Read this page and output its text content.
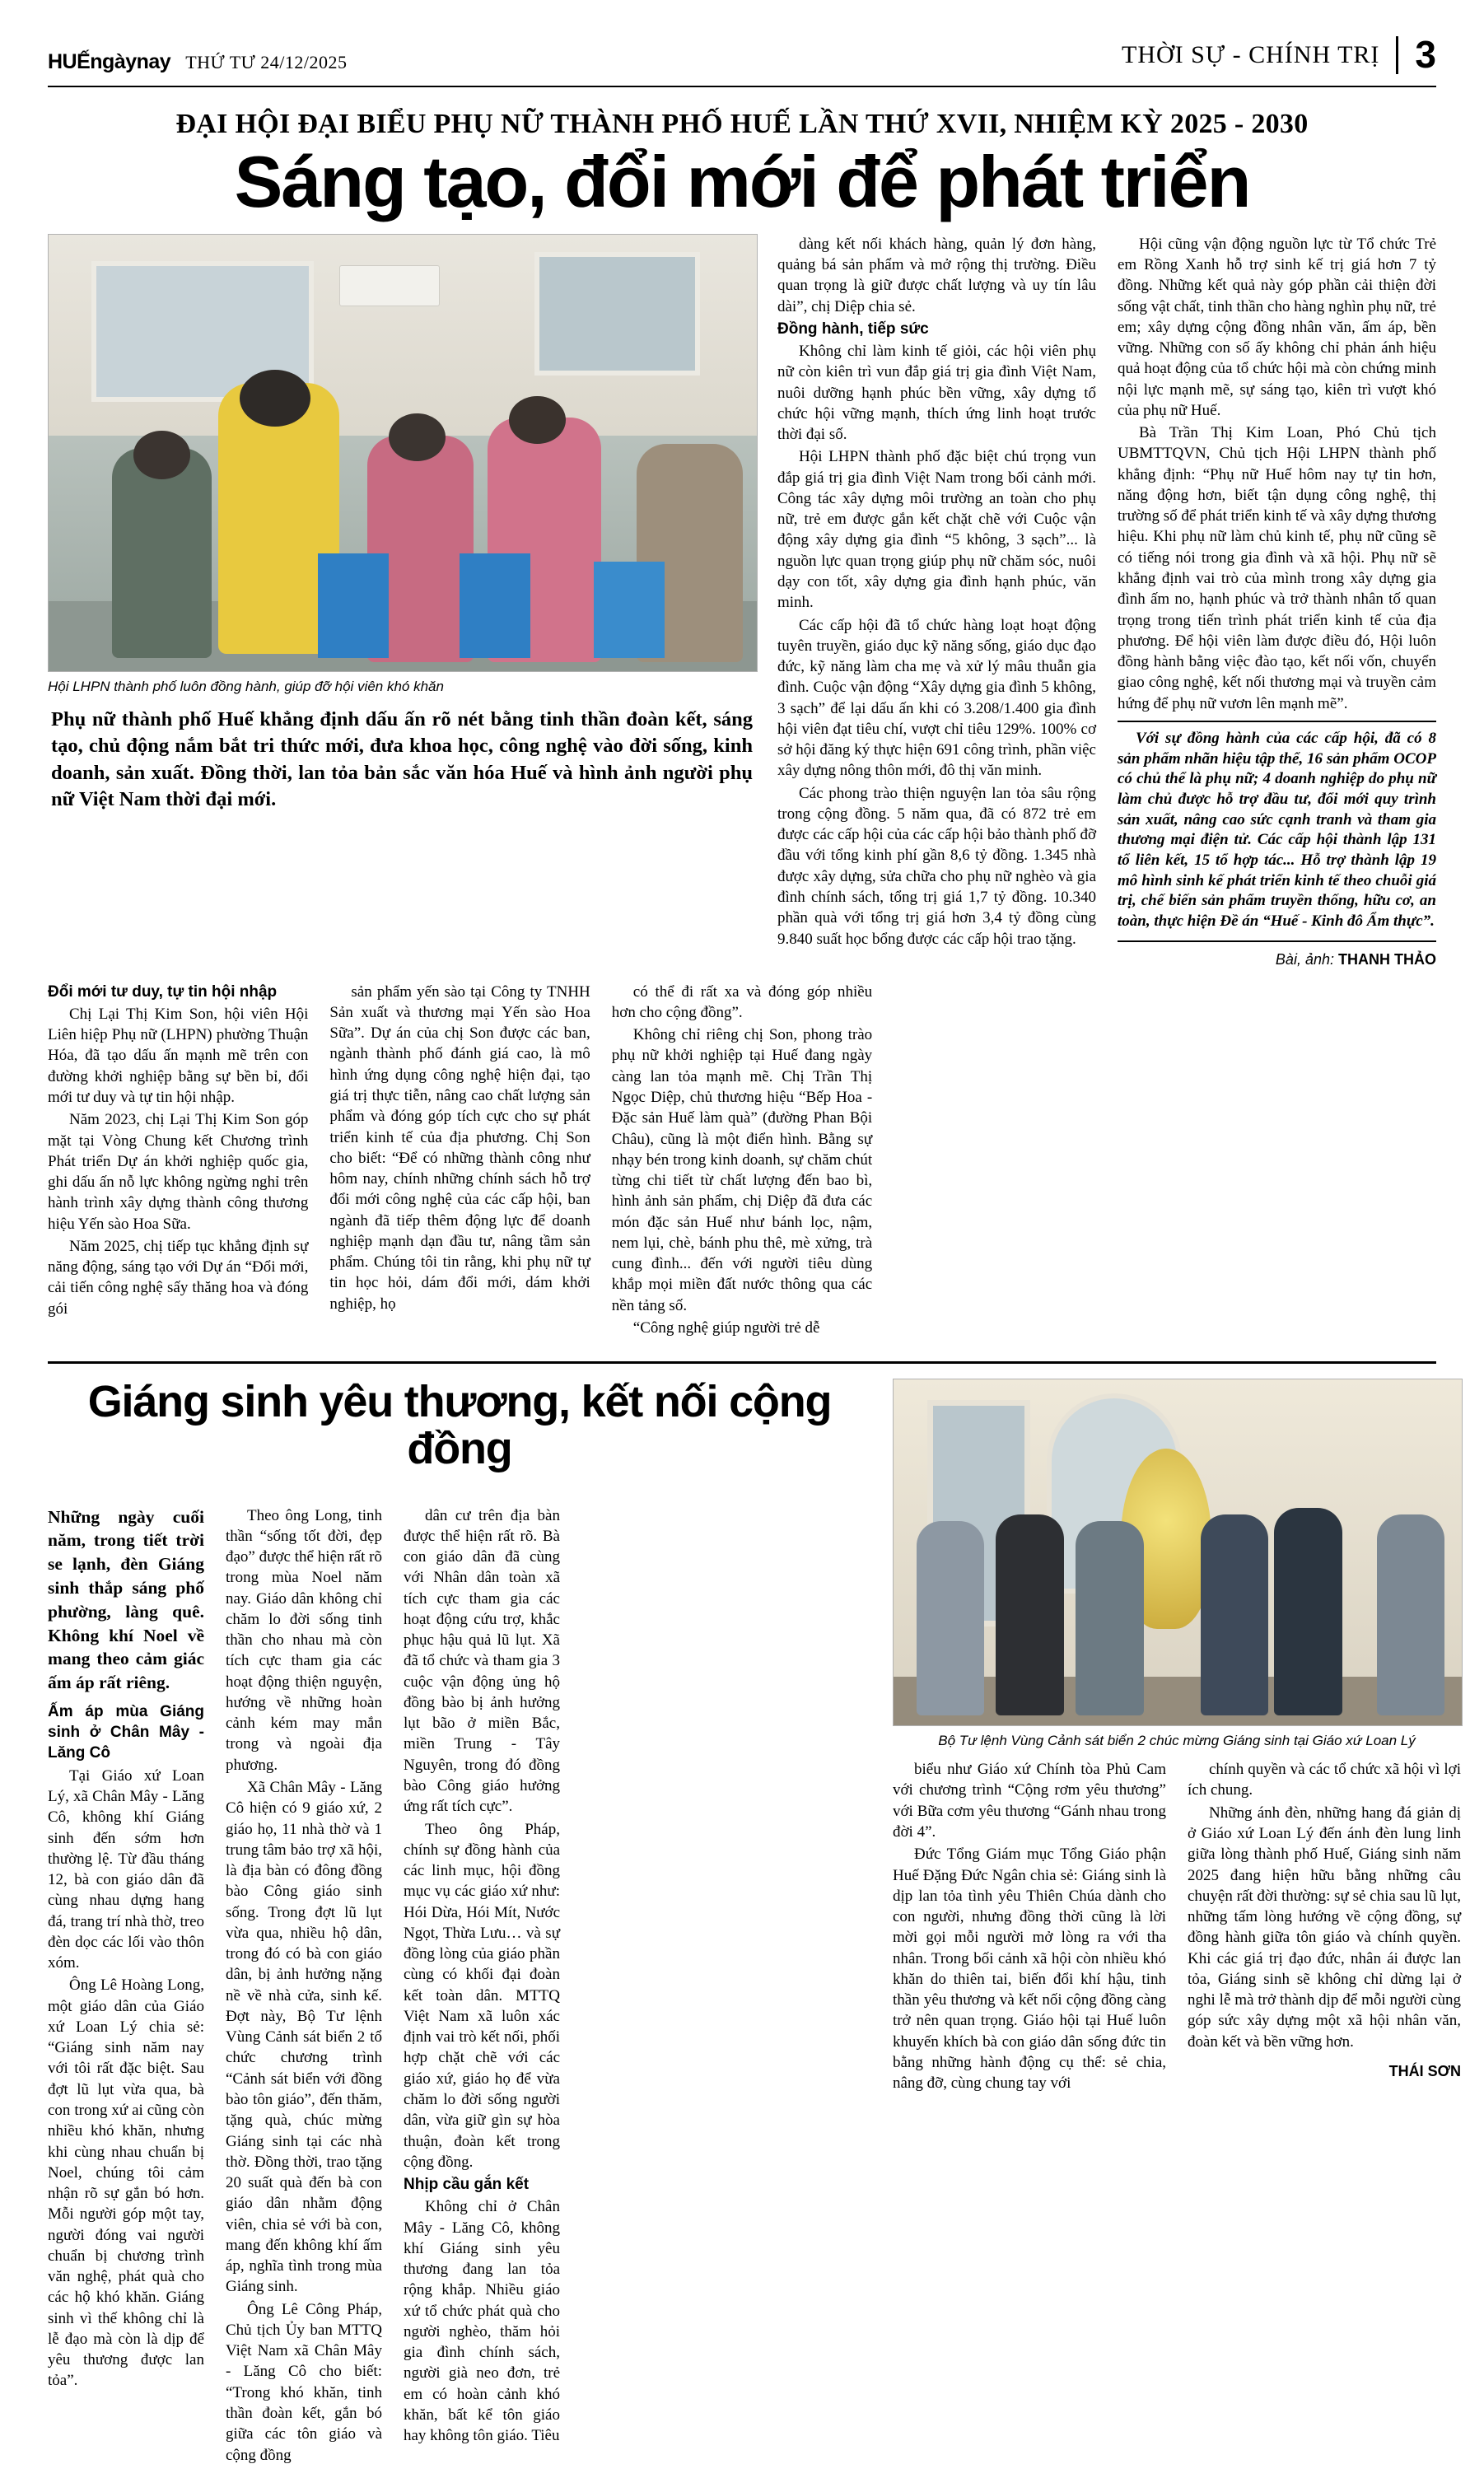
HUẾngàynay THỨ TƯ 24/12/2025	THỜI SỰ - CHÍNH TRỊ 3
ĐẠI HỘI ĐẠI BIỂU PHỤ NỮ THÀNH PHỐ HUẾ LẦN THỨ XVII, NHIỆM KỲ 2025 - 2030
Sáng tạo, đổi mới để phát triển
Hội LHPN thành phố luôn đồng hành, giúp đỡ hội viên khó khăn
Phụ nữ thành phố Huế khẳng định dấu ấn rõ nét bằng tinh thần đoàn kết, sáng tạo, chủ động nắm bắt tri thức mới, đưa khoa học, công nghệ vào đời sống, kinh doanh, sản xuất. Đồng thời, lan tỏa bản sắc văn hóa Huế và hình ảnh người phụ nữ Việt Nam thời đại mới.

dàng kết nối khách hàng, quản lý đơn hàng, quảng bá sản phẩm và mở rộng thị trường. Điều quan trọng là giữ được chất lượng và uy tín lâu dài”, chị Diệp chia sẻ.

Đồng hành, tiếp sức

Không chỉ làm kinh tế giỏi, các hội viên phụ nữ còn kiên trì vun đắp giá trị gia đình Việt Nam, nuôi dưỡng hạnh phúc bền vững, xây dựng tổ chức hội vững mạnh, thích ứng linh hoạt trước thời đại số.

Hội LHPN thành phố đặc biệt chú trọng vun đắp giá trị gia đình Việt Nam trong bối cảnh mới. Công tác xây dựng môi trường an toàn cho phụ nữ, trẻ em được gắn kết chặt chẽ với Cuộc vận động xây dựng gia đình “5 không, 3 sạch”... là nguồn lực quan trọng giúp phụ nữ chăm sóc, nuôi dạy con tốt, xây dựng gia đình hạnh phúc, văn minh.

Các cấp hội đã tổ chức hàng loạt hoạt động tuyên truyền, giáo dục kỹ năng sống, giáo dục đạo đức, kỹ năng làm cha mẹ và xử lý mâu thuẫn gia đình. Cuộc vận động “Xây dựng gia đình 5 không, 3 sạch” để lại dấu ấn khi có 3.208/1.400 gia đình hội viên đạt tiêu chí, vượt chỉ tiêu 129%. 100% cơ sở hội đăng ký thực hiện 691 công trình, phần việc xây dựng nông thôn mới, đô thị văn minh.

Các phong trào thiện nguyện lan tỏa sâu rộng trong cộng đồng. 5 năm qua, đã có 872 trẻ em được các cấp hội của các cấp hội bảo thành phố đỡ đầu với tổng kinh phí gần 8,6 tỷ đồng. 1.345 nhà được xây dựng, sửa chữa cho phụ nữ nghèo và gia đình chính sách, tổng trị giá 1,7 tỷ đồng. 10.340 phần quà với tổng trị giá hơn 3,4 tỷ đồng cùng 9.840 suất học bổng được các cấp hội trao tặng.

Hội cũng vận động nguồn lực từ Tổ chức Trẻ em Rồng Xanh hỗ trợ sinh kế trị giá hơn 7 tỷ đồng. Những kết quả này góp phần cải thiện đời sống vật chất, tinh thần cho hàng nghìn phụ nữ, trẻ em; xây dựng cộng đồng nhân văn, ấm áp, bền vững. Những con số ấy không chỉ phản ánh hiệu quả hoạt động của tổ chức hội mà còn chứng minh nội lực mạnh mẽ, sự sáng tạo, kiên trì vượt khó của phụ nữ Huế.

Bà Trần Thị Kim Loan, Phó Chủ tịch UBMTTQVN, Chủ tịch Hội LHPN thành phố khẳng định: “Phụ nữ Huế hôm nay tự tin hơn, năng động hơn, biết tận dụng công nghệ, thị trường số để phát triển kinh tế và xây dựng thương hiệu. Khi phụ nữ làm chủ kinh tế, phụ nữ cũng sẽ có tiếng nói trong gia đình và xã hội. Phụ nữ sẽ khẳng định vai trò của mình trong xây dựng gia đình ấm no, hạnh phúc và trở thành nhân tố quan trọng trong tiến trình phát triển kinh tế của địa phương. Để hội viên làm được điều đó, Hội luôn đồng hành bằng việc đào tạo, kết nối vốn, chuyển giao công nghệ, kết nối thương mại và truyền cảm hứng để phụ nữ vươn lên mạnh mẽ”.

Với sự đồng hành của các cấp hội, đã có 8 sản phẩm nhãn hiệu tập thể, 16 sản phẩm OCOP có chủ thể là phụ nữ; 4 doanh nghiệp do phụ nữ làm chủ được hỗ trợ đầu tư, đổi mới quy trình sản xuất, nâng cao sức cạnh tranh và tham gia thương mại điện tử. Các cấp hội thành lập 131 tổ liên kết, 15 tổ hợp tác... Hỗ trợ thành lập 19 mô hình sinh kế phát triển kinh tế theo chuỗi giá trị, chế biến sản phẩm truyền thống, hữu cơ, an toàn, thực hiện Đề án “Huế - Kinh đô Ẩm thực”.

Bài, ảnh: THANH THẢO

Đổi mới tư duy, tự tin hội nhập

Chị Lại Thị Kim Son, hội viên Hội Liên hiệp Phụ nữ (LHPN) phường Thuận Hóa, đã tạo dấu ấn mạnh mẽ trên con đường khởi nghiệp bằng sự bền bỉ, đổi mới tư duy và tự tin hội nhập.

Năm 2023, chị Lại Thị Kim Son góp mặt tại Vòng Chung kết Chương trình Phát triển Dự án khởi nghiệp quốc gia, ghi dấu ấn nỗ lực không ngừng nghỉ trên hành trình xây dựng thành công thương hiệu Yến sào Hoa Sữa.

Năm 2025, chị tiếp tục khẳng định sự năng động, sáng tạo với Dự án “Đổi mới, cải tiến công nghệ sấy thăng hoa và đóng gói

sản phẩm yến sào tại Công ty TNHH Sản xuất và thương mại Yến sào Hoa Sữa”. Dự án của chị Son được các ban, ngành thành phố đánh giá cao, là mô hình ứng dụng công nghệ hiện đại, tạo giá trị thực tiễn, nâng cao chất lượng sản phẩm và đóng góp tích cực cho sự phát triển kinh tế của địa phương. Chị Son cho biết: “Để có những thành công như hôm nay, chính những chính sách hỗ trợ đổi mới công nghệ của các cấp hội, ban ngành đã tiếp thêm động lực để doanh nghiệp mạnh dạn đầu tư, nâng tầm sản phẩm. Chúng tôi tin rằng, khi phụ nữ tự tin học hỏi, dám đổi mới, dám khởi nghiệp, họ

có thể đi rất xa và đóng góp nhiều hơn cho cộng đồng”.

Không chỉ riêng chị Son, phong trào phụ nữ khởi nghiệp tại Huế đang ngày càng lan tỏa mạnh mẽ. Chị Trần Thị Ngọc Diệp, chủ thương hiệu “Bếp Hoa - Đặc sản Huế làm quà” (đường Phan Bội Châu), cũng là một điển hình. Bằng sự nhạy bén trong kinh doanh, sự chăm chút từng chi tiết từ chất lượng đến bao bì, hình ảnh sản phẩm, chị Diệp đã đưa các món đặc sản Huế như bánh lọc, nậm, nem lụi, chè, bánh phu thê, mè xửng, trà cung đình... đến với người tiêu dùng khắp mọi miền đất nước thông qua các nền tảng số.

“Công nghệ giúp người trẻ dễ

Giáng sinh yêu thương, kết nối cộng đồng
Những ngày cuối năm, trong tiết trời se lạnh, đèn Giáng sinh thắp sáng phố phường, làng quê. Không khí Noel về mang theo cảm giác ấm áp rất riêng.

Ấm áp mùa Giáng sinh ở Chân Mây - Lăng Cô

Tại Giáo xứ Loan Lý, xã Chân Mây - Lăng Cô, không khí Giáng sinh đến sớm hơn thường lệ. Từ đầu tháng 12, bà con giáo dân đã cùng nhau dựng hang đá, trang trí nhà thờ, treo đèn dọc các lối vào thôn xóm.

Ông Lê Hoàng Long, một giáo dân của Giáo xứ Loan Lý chia sẻ: “Giáng sinh năm nay với tôi rất đặc biệt. Sau đợt lũ lụt vừa qua, bà con trong xứ ai cũng còn nhiều khó khăn, nhưng khi cùng nhau chuẩn bị Noel, chúng tôi cảm nhận rõ sự gắn bó hơn. Mỗi người góp một tay, người đóng vai người chuẩn bị chương trình văn nghệ, phát quà cho các hộ khó khăn. Giáng sinh vì thế không chỉ là lễ đạo mà còn là dịp để yêu thương được lan tỏa”.

Theo ông Long, tinh thần “sống tốt đời, đẹp đạo” được thể hiện rất rõ trong mùa Noel năm nay. Giáo dân không chỉ chăm lo đời sống tinh thần cho nhau mà còn tích cực tham gia các hoạt động thiện nguyện, hướng về những hoàn cảnh kém may mắn trong và ngoài địa phương.

Xã Chân Mây - Lăng Cô hiện có 9 giáo xứ, 2 giáo họ, 11 nhà thờ và 1 trung tâm bảo trợ xã hội, là địa bàn có đông đồng bào Công giáo sinh sống. Trong đợt lũ lụt vừa qua, nhiều hộ dân, trong đó có bà con giáo dân, bị ảnh hưởng nặng nề về nhà cửa, sinh kế. Đợt này, Bộ Tư lệnh Vùng Cảnh sát biển 2 tổ chức chương trình “Cảnh sát biển với đồng bào tôn giáo”, đến thăm, tặng quà, chúc mừng Giáng sinh tại các nhà thờ. Đồng thời, trao tặng 20 suất quà đến bà con giáo dân nhằm động viên, chia sẻ với bà con, mang đến không khí ấm áp, nghĩa tình trong mùa Giáng sinh.

Ông Lê Công Pháp, Chủ tịch Ủy ban MTTQ Việt Nam xã Chân Mây - Lăng Cô cho biết: “Trong khó khăn, tinh thần đoàn kết, gắn bó giữa các tôn giáo và cộng đồng

dân cư trên địa bàn được thể hiện rất rõ. Bà con giáo dân đã cùng với Nhân dân toàn xã tích cực tham gia các hoạt động cứu trợ, khắc phục hậu quả lũ lụt. Xã đã tổ chức và tham gia 3 cuộc vận động ủng hộ đồng bào bị ảnh hưởng lụt bão ở miền Bắc, miền Trung - Tây Nguyên, trong đó đồng bào Công giáo hưởng ứng rất tích cực”.

Theo ông Pháp, chính sự đồng hành của các linh mục, hội đồng mục vụ các giáo xứ như: Hói Dừa, Hói Mít, Nước Ngọt, Thừa Lưu… và sự đồng lòng của giáo phần cùng có khối đại đoàn kết toàn dân. MTTQ Việt Nam xã luôn xác định vai trò kết nối, phối hợp chặt chẽ với các giáo xứ, giáo họ để vừa chăm lo đời sống người dân, vừa giữ gìn sự hòa thuận, đoàn kết trong cộng đồng.

Nhịp cầu gắn kết

Không chỉ ở Chân Mây - Lăng Cô, không khí Giáng sinh yêu thương đang lan tỏa rộng khắp. Nhiều giáo xứ tổ chức phát quà cho người nghèo, thăm hỏi gia đình chính sách, người già neo đơn, trẻ em có hoàn cảnh khó khăn, bất kể tôn giáo hay không tôn giáo. Tiêu

Bộ Tư lệnh Vùng Cảnh sát biển 2 chúc mừng Giáng sinh tại Giáo xứ Loan Lý

biểu như Giáo xứ Chính tòa Phủ Cam với chương trình “Cộng rơm yêu thương” với Bữa cơm yêu thương “Gánh nhau trong đời 4”.

Đức Tổng Giám mục Tổng Giáo phận Huế Đặng Đức Ngân chia sẻ: Giáng sinh là dịp lan tỏa tình yêu Thiên Chúa dành cho con người, nhưng đồng thời cũng là lời mời gọi mỗi người mở lòng ra với tha nhân. Trong bối cảnh xã hội còn nhiều khó khăn do thiên tai, biến đổi khí hậu, tinh thần yêu thương và kết nối cộng đồng càng trở nên quan trọng. Giáo hội tại Huế luôn khuyến khích bà con giáo dân sống đức tin bằng những hành động cụ thể: sẻ chia, nâng đỡ, cùng chung tay với

chính quyền và các tổ chức xã hội vì lợi ích chung.

Những ánh đèn, những hang đá giản dị ở Giáo xứ Loan Lý đến ánh đèn lung linh giữa lòng thành phố Huế, Giáng sinh năm 2025 đang hiện hữu bằng những câu chuyện rất đời thường: sự sẻ chia sau lũ lụt, những tấm lòng hướng về cộng đồng, sự đồng hành giữa tôn giáo và chính quyền. Khi các giá trị đạo đức, nhân ái được lan tỏa, Giáng sinh sẽ không chỉ dừng lại ở nghi lễ mà trở thành dịp để mỗi người cùng góp sức xây dựng một xã hội nhân văn, đoàn kết và bền vững hơn.

THÁI SƠN
